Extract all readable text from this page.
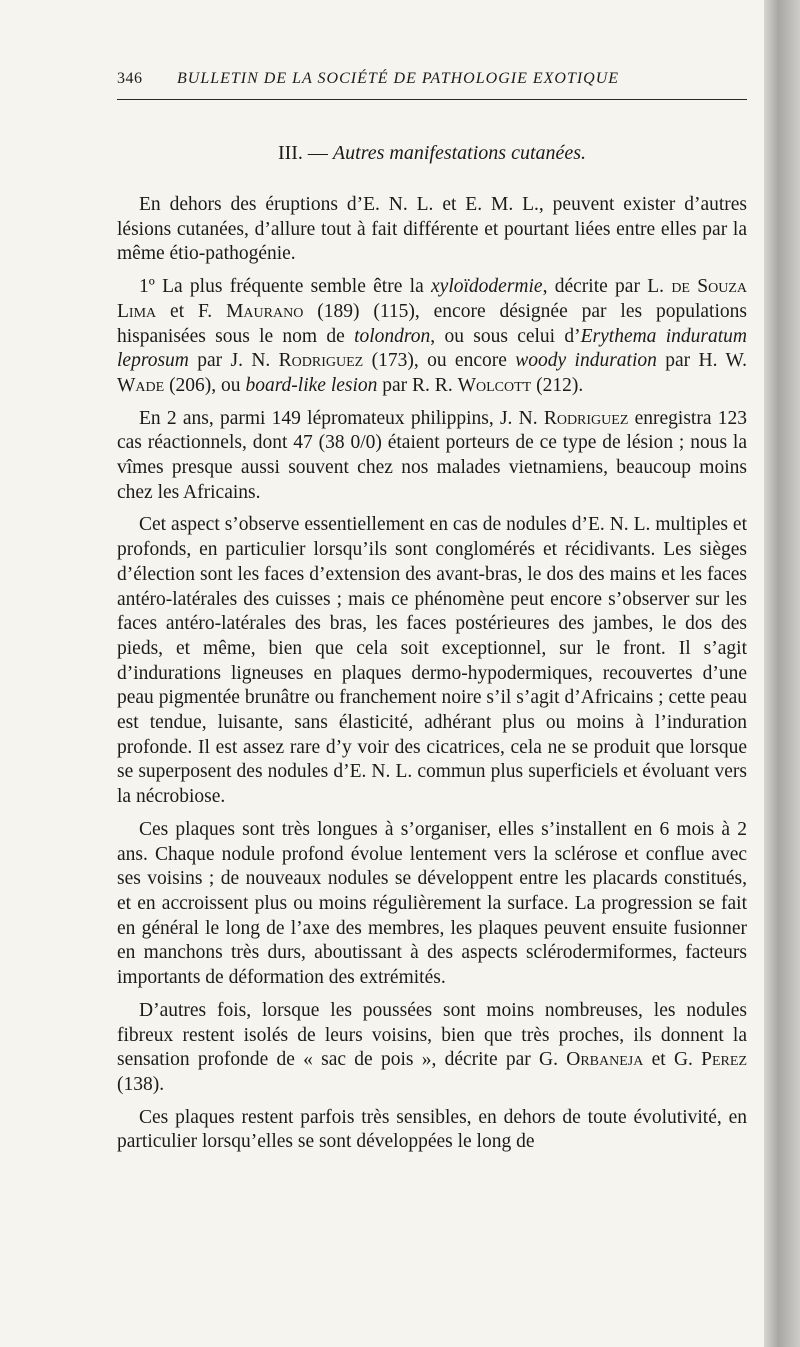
346	BULLETIN DE LA SOCIÉTÉ DE PATHOLOGIE EXOTIQUE
III. — Autres manifestations cutanées.

En dehors des éruptions d’E. N. L. et E. M. L., peuvent exister d’autres lésions cutanées, d’allure tout à fait différente et pourtant liées entre elles par la même étio-pathogénie.

1º La plus fréquente semble être la xyloïdodermie, décrite par L. de Souza Lima et F. Maurano (189) (115), encore désignée par les populations hispanisées sous le nom de tolondron, ou sous celui d’Erythema induratum leprosum par J. N. Rodriguez (173), ou encore woody induration par H. W. Wade (206), ou board-like lesion par R. R. Wolcott (212).

En 2 ans, parmi 149 lépromateux philippins, J. N. Rodriguez enregistra 123 cas réactionnels, dont 47 (38 0/0) étaient porteurs de ce type de lésion ; nous la vîmes presque aussi souvent chez nos malades vietnamiens, beaucoup moins chez les Africains.

Cet aspect s’observe essentiellement en cas de nodules d’E. N. L. multiples et profonds, en particulier lorsqu’ils sont conglomérés et récidivants. Les sièges d’élection sont les faces d’extension des avant-bras, le dos des mains et les faces antéro-latérales des cuisses ; mais ce phénomène peut encore s’observer sur les faces antéro-latérales des bras, les faces postérieures des jambes, le dos des pieds, et même, bien que cela soit exceptionnel, sur le front. Il s’agit d’indurations ligneuses en plaques dermo-hypodermiques, recouvertes d’une peau pigmentée brunâtre ou franchement noire s’il s’agit d’Africains ; cette peau est tendue, luisante, sans élasticité, adhérant plus ou moins à l’induration profonde. Il est assez rare d’y voir des cicatrices, cela ne se produit que lorsque se superposent des nodules d’E. N. L. commun plus superficiels et évoluant vers la nécrobiose.

Ces plaques sont très longues à s’organiser, elles s’installent en 6 mois à 2 ans. Chaque nodule profond évolue lentement vers la sclérose et conflue avec ses voisins ; de nouveaux nodules se développent entre les placards constitués, et en accroissent plus ou moins régulièrement la surface. La progression se fait en général le long de l’axe des membres, les plaques peuvent ensuite fusionner en manchons très durs, aboutissant à des aspects sclérodermiformes, facteurs importants de déformation des extrémités.

D’autres fois, lorsque les poussées sont moins nombreuses, les nodules fibreux restent isolés de leurs voisins, bien que très proches, ils donnent la sensation profonde de « sac de pois », décrite par G. Orbaneja et G. Perez (138).

Ces plaques restent parfois très sensibles, en dehors de toute évolutivité, en particulier lorsqu’elles se sont développées le long de
